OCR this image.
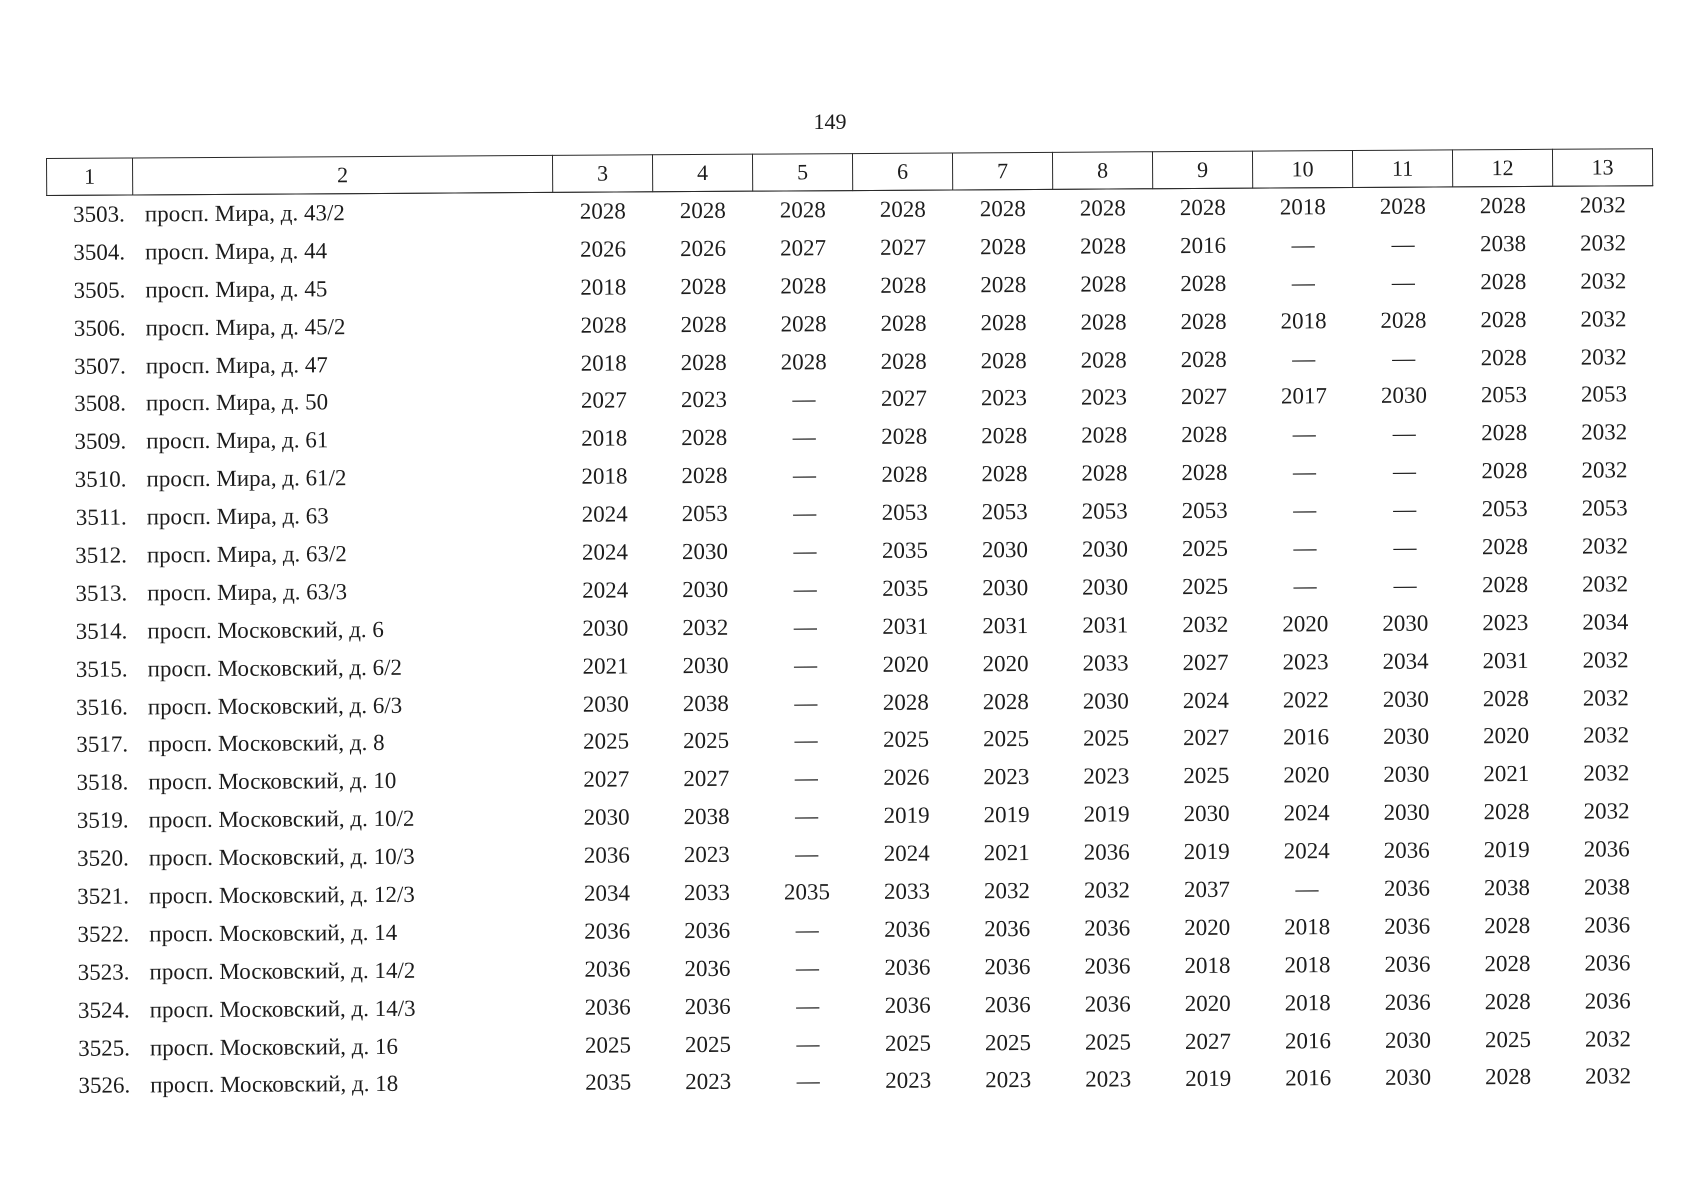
149
1	2	3	4	5	6	7	8	9	10	11	12	13
3503.	просп. Мира, д. 43/2	2028	2028	2028	2028	2028	2028	2028	2018	2028	2028	2032
3504.	просп. Мира, д. 44	2026	2026	2027	2027	2028	2028	2016	—	—	2038	2032
3505.	просп. Мира, д. 45	2018	2028	2028	2028	2028	2028	2028	—	—	2028	2032
3506.	просп. Мира, д. 45/2	2028	2028	2028	2028	2028	2028	2028	2018	2028	2028	2032
3507.	просп. Мира, д. 47	2018	2028	2028	2028	2028	2028	2028	—	—	2028	2032
3508.	просп. Мира, д. 50	2027	2023	—	2027	2023	2023	2027	2017	2030	2053	2053
3509.	просп. Мира, д. 61	2018	2028	—	2028	2028	2028	2028	—	—	2028	2032
3510.	просп. Мира, д. 61/2	2018	2028	—	2028	2028	2028	2028	—	—	2028	2032
3511.	просп. Мира, д. 63	2024	2053	—	2053	2053	2053	2053	—	—	2053	2053
3512.	просп. Мира, д. 63/2	2024	2030	—	2035	2030	2030	2025	—	—	2028	2032
3513.	просп. Мира, д. 63/3	2024	2030	—	2035	2030	2030	2025	—	—	2028	2032
3514.	просп. Московский, д. 6	2030	2032	—	2031	2031	2031	2032	2020	2030	2023	2034
3515.	просп. Московский, д. 6/2	2021	2030	—	2020	2020	2033	2027	2023	2034	2031	2032
3516.	просп. Московский, д. 6/3	2030	2038	—	2028	2028	2030	2024	2022	2030	2028	2032
3517.	просп. Московский, д. 8	2025	2025	—	2025	2025	2025	2027	2016	2030	2020	2032
3518.	просп. Московский, д. 10	2027	2027	—	2026	2023	2023	2025	2020	2030	2021	2032
3519.	просп. Московский, д. 10/2	2030	2038	—	2019	2019	2019	2030	2024	2030	2028	2032
3520.	просп. Московский, д. 10/3	2036	2023	—	2024	2021	2036	2019	2024	2036	2019	2036
3521.	просп. Московский, д. 12/3	2034	2033	2035	2033	2032	2032	2037	—	2036	2038	2038
3522.	просп. Московский, д. 14	2036	2036	—	2036	2036	2036	2020	2018	2036	2028	2036
3523.	просп. Московский, д. 14/2	2036	2036	—	2036	2036	2036	2018	2018	2036	2028	2036
3524.	просп. Московский, д. 14/3	2036	2036	—	2036	2036	2036	2020	2018	2036	2028	2036
3525.	просп. Московский, д. 16	2025	2025	—	2025	2025	2025	2027	2016	2030	2025	2032
3526.	просп. Московский, д. 18	2035	2023	—	2023	2023	2023	2019	2016	2030	2028	2032
